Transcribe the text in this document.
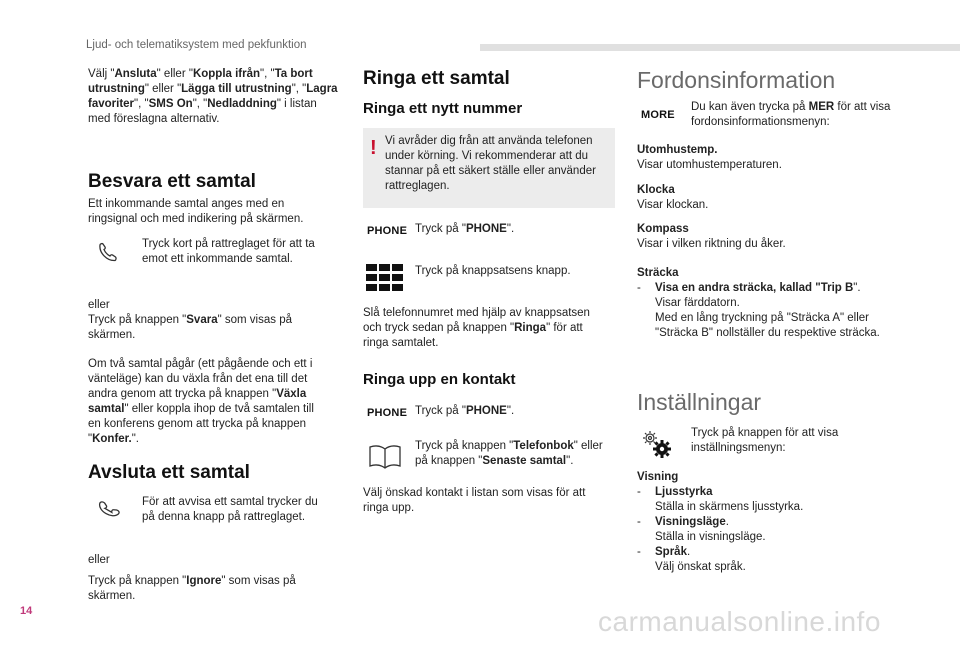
Ljud- och telematiksystem med pekfunktion

Välj "Ansluta" eller "Koppla ifrån", "Ta bort utrustning" eller "Lägga till utrustning", "Lagra favoriter", "SMS On", "Nedladdning" i listan med föreslagna alternativ.

Besvara ett samtal

Ett inkommande samtal anges med en ringsignal och med indikering på skärmen.

Tryck kort på rattreglaget för att ta emot ett inkommande samtal.

eller

Tryck på knappen "Svara" som visas på skärmen.

Om två samtal pågår (ett pågående och ett i vänteläge) kan du växla från det ena till det andra genom att trycka på knappen "Växla samtal" eller koppla ihop de två samtalen till en konferens genom att trycka på knappen "Konfer.".

Avsluta ett samtal

För att avvisa ett samtal trycker du på denna knapp på rattreglaget.

eller

Tryck på knappen "Ignore" som visas på skärmen.

Ringa ett samtal
Ringa ett nytt nummer
! Vi avråder dig från att använda telefonen under körning. Vi rekommenderar att du stannar på ett säkert ställe eller använder rattreglagen.

PHONE Tryck på "PHONE".

Tryck på knappsatsens knapp.

Slå telefonnumret med hjälp av knappsatsen och tryck sedan på knappen "Ringa" för att ringa samtalet.

Ringa upp en kontakt
PHONE Tryck på "PHONE".

Tryck på knappen "Telefonbok" eller på knappen "Senaste samtal".

Välj önskad kontakt i listan som visas för att ringa upp.

Fordonsinformation
MORE

Du kan även trycka på MER för att visa fordonsinformationsmenyn:

Utomhustemp.

Visar utomhustemperaturen.

Klocka

Visar klockan.

Kompass

Visar i vilken riktning du åker.

Sträcka

- Visa en andra sträcka, kallad "Trip B".

Visar färddatorn.

Med en lång tryckning på "Sträcka A" eller "Sträcka B" nollställer du respektive sträcka.

Inställningar

Tryck på knappen för att visa inställningsmenyn:

Visning

- Ljusstyrka

Ställa in skärmens ljusstyrka.

- Visningsläge.

Ställa in visningsläge.

- Språk.

Välj önskat språk.

14	carmanualsonline.info
